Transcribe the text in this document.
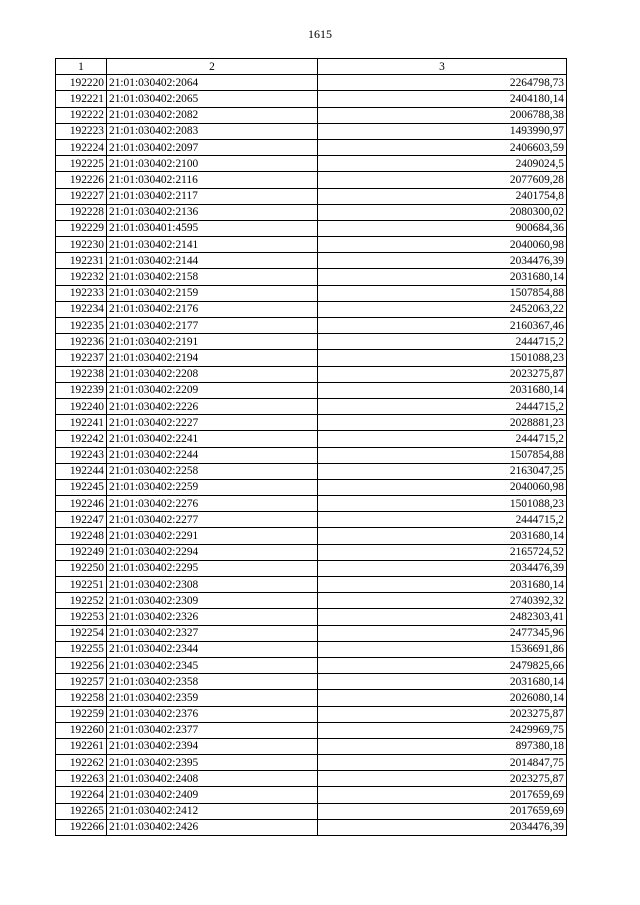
1615
1	2	3
192220	21:01:030402:2064	2264798,73
192221	21:01:030402:2065	2404180,14
192222	21:01:030402:2082	2006788,38
192223	21:01:030402:2083	1493990,97
192224	21:01:030402:2097	2406603,59
192225	21:01:030402:2100	2409024,5
192226	21:01:030402:2116	2077609,28
192227	21:01:030402:2117	2401754,8
192228	21:01:030402:2136	2080300,02
192229	21:01:030401:4595	900684,36
192230	21:01:030402:2141	2040060,98
192231	21:01:030402:2144	2034476,39
192232	21:01:030402:2158	2031680,14
192233	21:01:030402:2159	1507854,88
192234	21:01:030402:2176	2452063,22
192235	21:01:030402:2177	2160367,46
192236	21:01:030402:2191	2444715,2
192237	21:01:030402:2194	1501088,23
192238	21:01:030402:2208	2023275,87
192239	21:01:030402:2209	2031680,14
192240	21:01:030402:2226	2444715,2
192241	21:01:030402:2227	2028881,23
192242	21:01:030402:2241	2444715,2
192243	21:01:030402:2244	1507854,88
192244	21:01:030402:2258	2163047,25
192245	21:01:030402:2259	2040060,98
192246	21:01:030402:2276	1501088,23
192247	21:01:030402:2277	2444715,2
192248	21:01:030402:2291	2031680,14
192249	21:01:030402:2294	2165724,52
192250	21:01:030402:2295	2034476,39
192251	21:01:030402:2308	2031680,14
192252	21:01:030402:2309	2740392,32
192253	21:01:030402:2326	2482303,41
192254	21:01:030402:2327	2477345,96
192255	21:01:030402:2344	1536691,86
192256	21:01:030402:2345	2479825,66
192257	21:01:030402:2358	2031680,14
192258	21:01:030402:2359	2026080,14
192259	21:01:030402:2376	2023275,87
192260	21:01:030402:2377	2429969,75
192261	21:01:030402:2394	897380,18
192262	21:01:030402:2395	2014847,75
192263	21:01:030402:2408	2023275,87
192264	21:01:030402:2409	2017659,69
192265	21:01:030402:2412	2017659,69
192266	21:01:030402:2426	2034476,39
